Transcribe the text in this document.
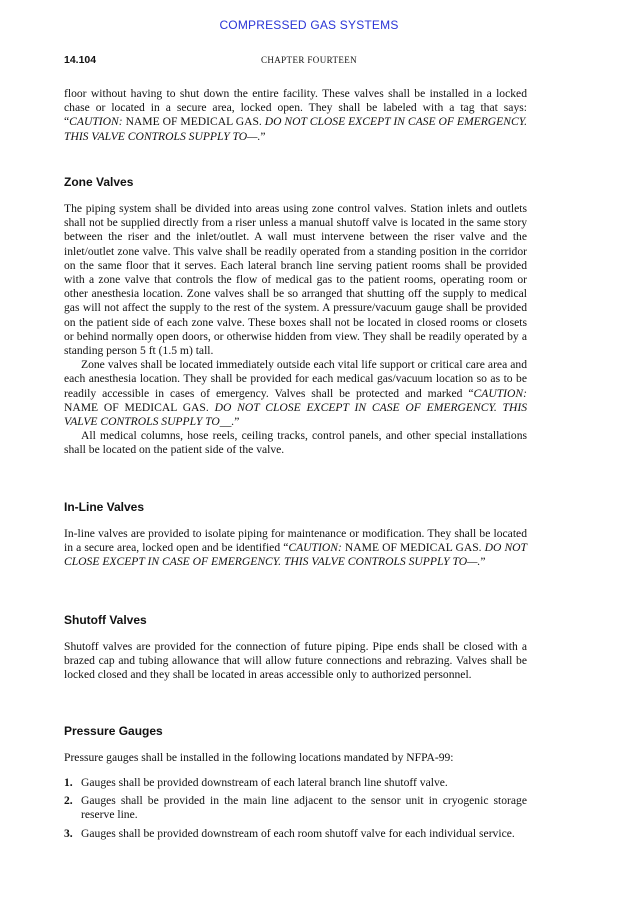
COMPRESSED GAS SYSTEMS
14.104	CHAPTER FOURTEEN

floor without having to shut down the entire facility. These valves shall be installed in a locked chase or located in a secure area, locked open. They shall be labeled with a tag that says: “CAUTION: NAME OF MEDICAL GAS. DO NOT CLOSE EXCEPT IN CASE OF EMERGENCY. THIS VALVE CONTROLS SUPPLY TO—.”

Zone Valves

The piping system shall be divided into areas using zone control valves. Station inlets and outlets shall not be supplied directly from a riser unless a manual shutoff valve is located in the same story between the riser and the inlet/outlet. A wall must intervene between the riser valve and the inlet/outlet zone valve. This valve shall be readily operated from a standing position in the corridor on the same floor that it serves. Each lateral branch line serving patient rooms shall be provided with a zone valve that controls the flow of medical gas to the patient rooms, operating room or other anesthesia location. Zone valves shall be so arranged that shutting off the supply to medical gas will not affect the supply to the rest of the system. A pressure/vacuum gauge shall be provided on the patient side of each zone valve. These boxes shall not be located in closed rooms or closets or behind normally open doors, or otherwise hidden from view. They shall be readily operated by a standing person 5 ft (1.5 m) tall.

Zone valves shall be located immediately outside each vital life support or critical care area and each anesthesia location. They shall be provided for each medical gas/vacuum location so as to be readily accessible in cases of emergency. Valves shall be protected and marked “CAUTION: NAME OF MEDICAL GAS. DO NOT CLOSE EXCEPT IN CASE OF EMERGENCY. THIS VALVE CONTROLS SUPPLY TO__.”

All medical columns, hose reels, ceiling tracks, control panels, and other special installations shall be located on the patient side of the valve.

In-Line Valves

In-line valves are provided to isolate piping for maintenance or modification. They shall be located in a secure area, locked open and be identified “CAUTION: NAME OF MEDICAL GAS. DO NOT CLOSE EXCEPT IN CASE OF EMERGENCY. THIS VALVE CONTROLS SUPPLY TO—.”

Shutoff Valves

Shutoff valves are provided for the connection of future piping. Pipe ends shall be closed with a brazed cap and tubing allowance that will allow future connections and rebrazing. Valves shall be locked closed and they shall be located in areas accessible only to authorized personnel.

Pressure Gauges

Pressure gauges shall be installed in the following locations mandated by NFPA-99:

1. Gauges shall be provided downstream of each lateral branch line shutoff valve.
2. Gauges shall be provided in the main line adjacent to the sensor unit in cryogenic storage reserve line.
3. Gauges shall be provided downstream of each room shutoff valve for each individual service.
